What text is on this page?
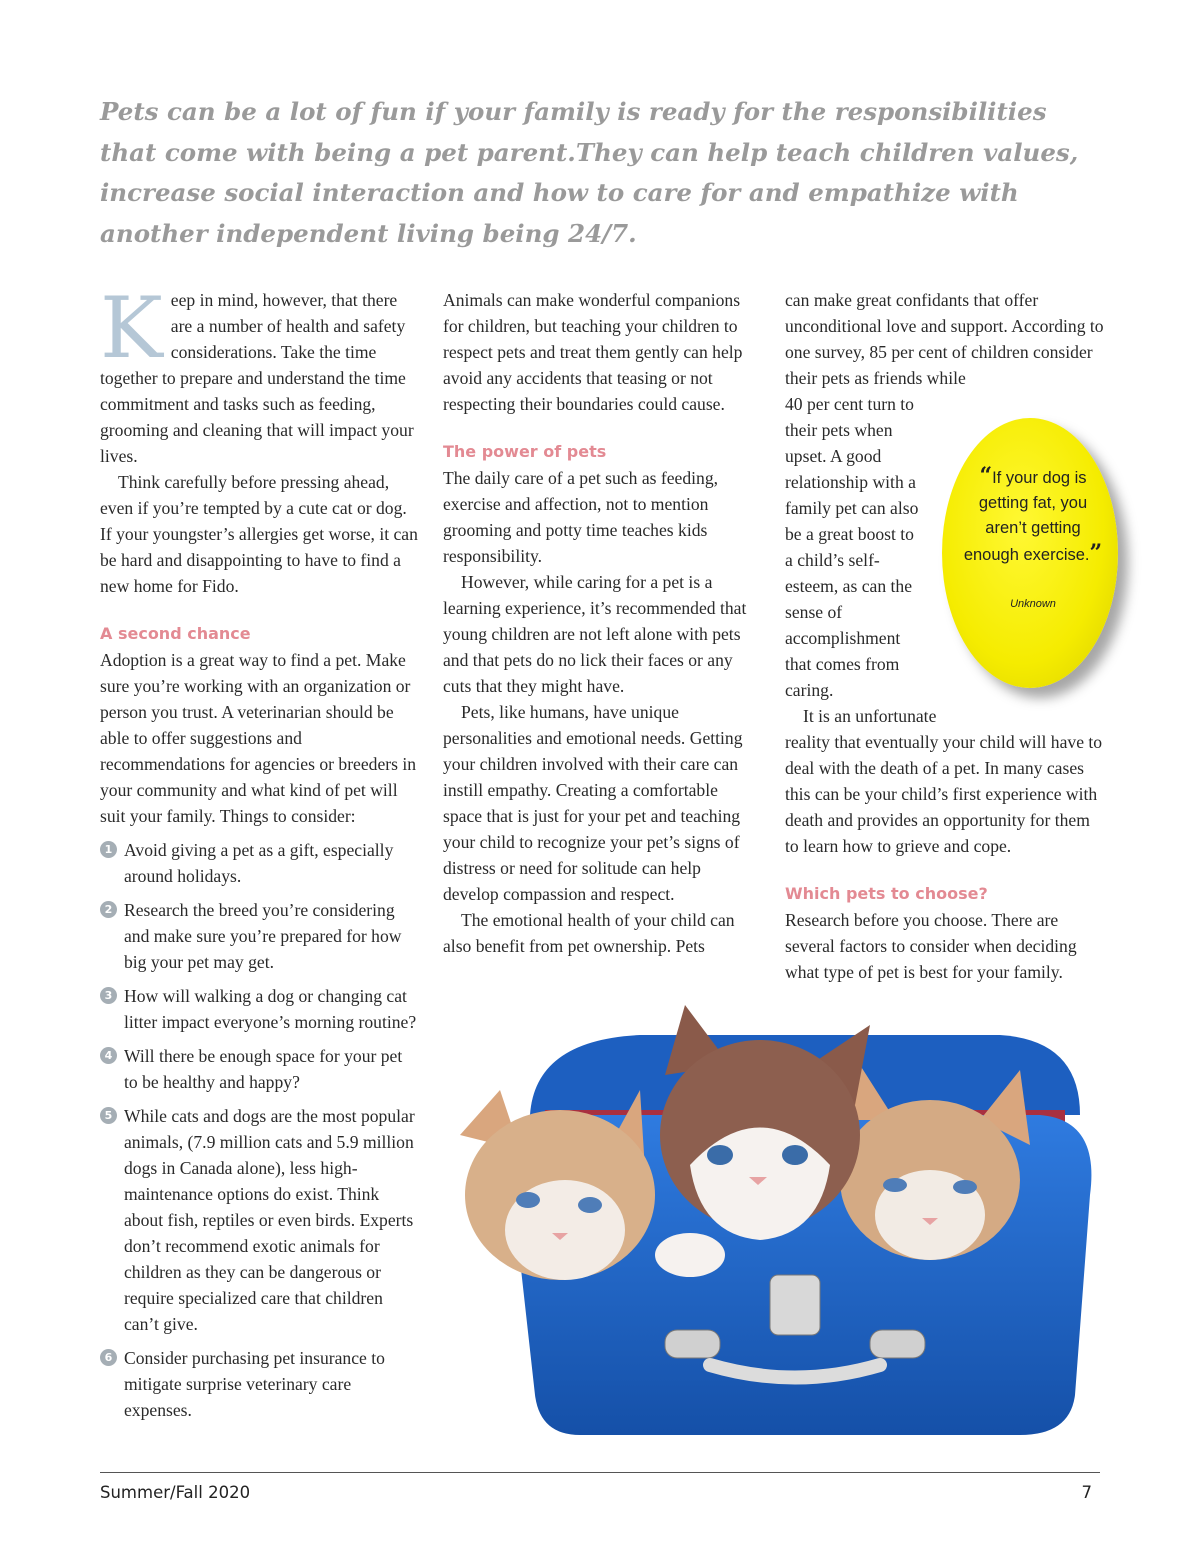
Pets can be a lot of fun if your family is ready for the responsibilities that come with being a pet parent.They can help teach children values, increase social interaction and how to care for and empathize with another independent living being 24/7.

Keep in mind, however, that there are a number of health and safety considerations. Take the time together to prepare and understand the time commitment and tasks such as feeding, grooming and cleaning that will impact your lives.

Think carefully before pressing ahead, even if you’re tempted by a cute cat or dog. If your youngster’s allergies get worse, it can be hard and disappointing to have to find a new home for Fido.

A second chance

Adoption is a great way to find a pet. Make sure you’re working with an organization or person you trust. A veterinarian should be able to offer suggestions and recommendations for agencies or breeders in your community and what kind of pet will suit your family. Things to consider:

1 Avoid giving a pet as a gift, especially around holidays.
2 Research the breed you’re considering and make sure you’re prepared for how big your pet may get.
3 How will walking a dog or changing cat litter impact everyone’s morning routine?
4 Will there be enough space for your pet to be healthy and happy?
5 While cats and dogs are the most popular animals, (7.9 million cats and 5.9 million dogs in Canada alone), less high-maintenance options do exist. Think about fish, reptiles or even birds. Experts don’t recommend exotic animals for children as they can be dangerous or require specialized care that children can’t give.
6 Consider purchasing pet insurance to mitigate surprise veterinary care expenses.

Animals can make wonderful companions for children, but teaching your children to respect pets and treat them gently can help avoid any accidents that teasing or not respecting their boundaries could cause.

The power of pets

The daily care of a pet such as feeding, exercise and affection, not to mention grooming and potty time teaches kids responsibility.

However, while caring for a pet is a learning experience, it’s recommended that young children are not left alone with pets and that pets do no lick their faces or any cuts that they might have.

Pets, like humans, have unique personalities and emotional needs. Getting your children involved with their care can instill empathy. Creating a comfortable space that is just for your pet and teaching your child to recognize your pet’s signs of distress or need for solitude can help develop compassion and respect.

The emotional health of your child can also benefit from pet ownership. Pets

can make great confidants that offer unconditional love and support. According to one survey, 85 per cent of children consider their pets as friends while

40 per cent turn to their pets when upset. A good relationship with a family pet can also be a great boost to a child’s self-esteem, as can the sense of accomplishment that comes from caring.

It is an unfortunate

reality that eventually your child will have to deal with the death of a pet. In many cases this can be your child’s first experience with death and provides an opportunity for them to learn how to grieve and cope.

Which pets to choose?

Research before you choose. There are several factors to consider when deciding what type of pet is best for your family.

“If your dog is getting fat, you aren’t getting enough exercise.”
Unknown
Summer/Fall 2020	7
